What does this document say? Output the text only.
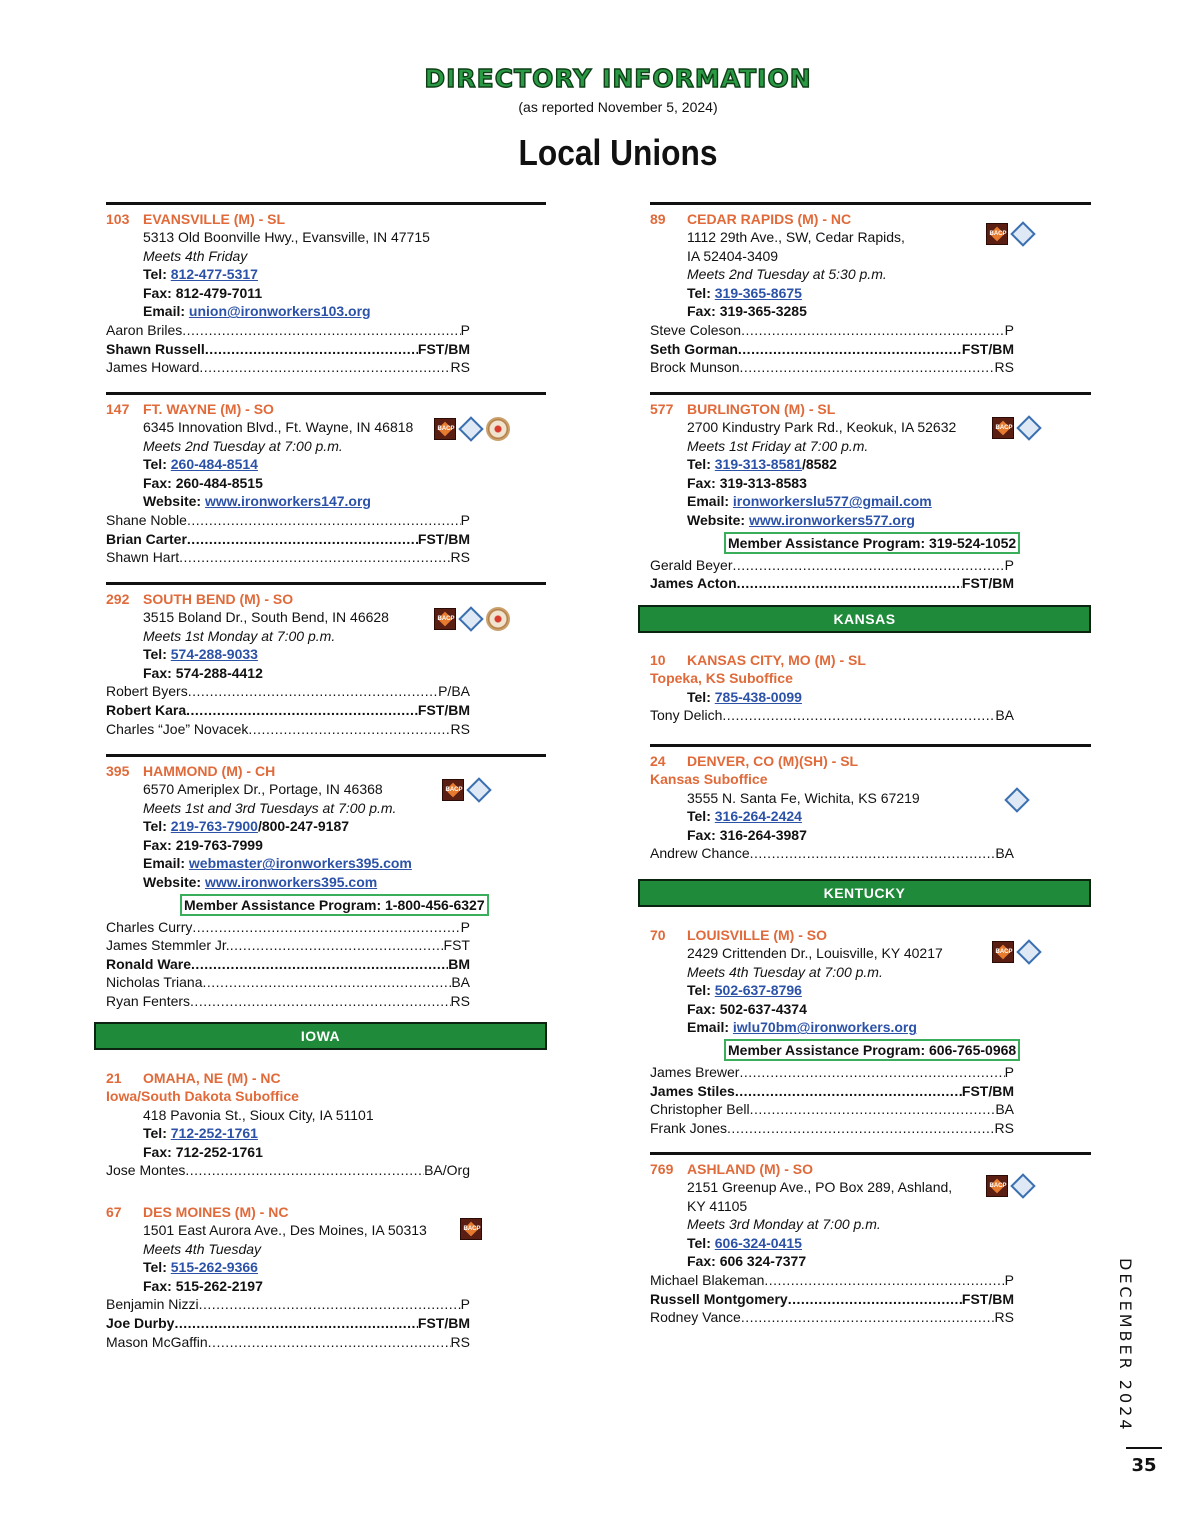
DIRECTORY INFORMATION
(as reported November 5, 2024)
Local Unions
103 EVANSVILLE (M) - SL
5313 Old Boonville Hwy., Evansville, IN 47715
Meets 4th Friday
Tel: 812-477-5317
Fax: 812-479-7011
Email: union@ironworkers103.org
Aaron Briles .....	P
Shawn Russell .....	FST/BM
James Howard .....	RS
147 FT. WAYNE (M) - SO
6345 Innovation Blvd., Ft. Wayne, IN 46818
Meets 2nd Tuesday at 7:00 p.m.
Tel: 260-484-8514
Fax: 260-484-8515
Website: www.ironworkers147.org
Shane Noble .....	P
Brian Carter .....	FST/BM
Shawn Hart .....	RS
BACP
292 SOUTH BEND (M) - SO
3515 Boland Dr., South Bend, IN 46628
Meets 1st Monday at 7:00 p.m.
Tel: 574-288-9033
Fax: 574-288-4412
Robert Byers .....	P/BA
Robert Kara .....	FST/BM
Charles “Joe” Novacek .....	RS
BACP
395 HAMMOND (M) - CH
6570 Ameriplex Dr., Portage, IN 46368
Meets 1st and 3rd Tuesdays at 7:00 p.m.
Tel: 219-763-7900/800-247-9187
Fax: 219-763-7999
Email: webmaster@ironworkers395.com
Website: www.ironworkers395.com
Member Assistance Program: 1-800-456-6327
Charles Curry .....	P
James Stemmler Jr. .....	FST
Ronald Ware .....	BM
Nicholas Triana .....	BA
Ryan Fenters .....	RS
BACP
IOWA
21	OMAHA, NE (M) - NC
Iowa/South Dakota Suboffice
418 Pavonia St., Sioux City, IA 51101
Tel: 712-252-1761
Fax: 712-252-1761
Jose Montes .....	BA/Org
67	DES MOINES (M) - NC
1501 East Aurora Ave., Des Moines, IA 50313
Meets 4th Tuesday
Tel: 515-262-9366
Fax: 515-262-2197
Benjamin Nizzi .....	P
Joe Durby .....	FST/BM
Mason McGaffin .....	RS
BACP
89	CEDAR RAPIDS (M) - NC
1112 29th Ave., SW, Cedar Rapids,
IA 52404-3409
Meets 2nd Tuesday at 5:30 p.m.
Tel: 319-365-8675
Fax: 319-365-3285
Steve Coleson .....	P
Seth Gorman .....	FST/BM
Brock Munson .....	RS
BACP
577 BURLINGTON (M) - SL
2700 Kindustry Park Rd., Keokuk, IA 52632
Meets 1st Friday at 7:00 p.m.
Tel: 319-313-8581/8582
Fax: 319-313-8583
Email: ironworkerslu577@gmail.com
Website: www.ironworkers577.org
Member Assistance Program: 319-524-1052
Gerald Beyer .....	P
James Acton .....	FST/BM
BACP
KANSAS
10	KANSAS CITY, MO (M) - SL
Topeka, KS Suboffice
Tel: 785-438-0099
Tony Delich .....	BA
24	DENVER, CO (M)(SH) - SL
Kansas Suboffice
3555 N. Santa Fe, Wichita, KS 67219
Tel: 316-264-2424
Fax: 316-264-3987
Andrew Chance .....	BA
KENTUCKY
70	LOUISVILLE (M) - SO
2429 Crittenden Dr., Louisville, KY 40217
Meets 4th Tuesday at 7:00 p.m.
Tel: 502-637-8796
Fax: 502-637-4374
Email: iwlu70bm@ironworkers.org
Member Assistance Program: 606-765-0968
James Brewer .....	P
James Stiles .....	FST/BM
Christopher Bell .....	BA
Frank Jones .....	RS
BACP
769 ASHLAND (M) - SO
2151 Greenup Ave., PO Box 289, Ashland,
KY 41105
Meets 3rd Monday at 7:00 p.m.
Tel: 606-324-0415
Fax: 606 324-7377
Michael Blakeman .....	P
Russell Montgomery .....	FST/BM
Rodney Vance .....	RS
BACP	DECEMBER 2024
35
